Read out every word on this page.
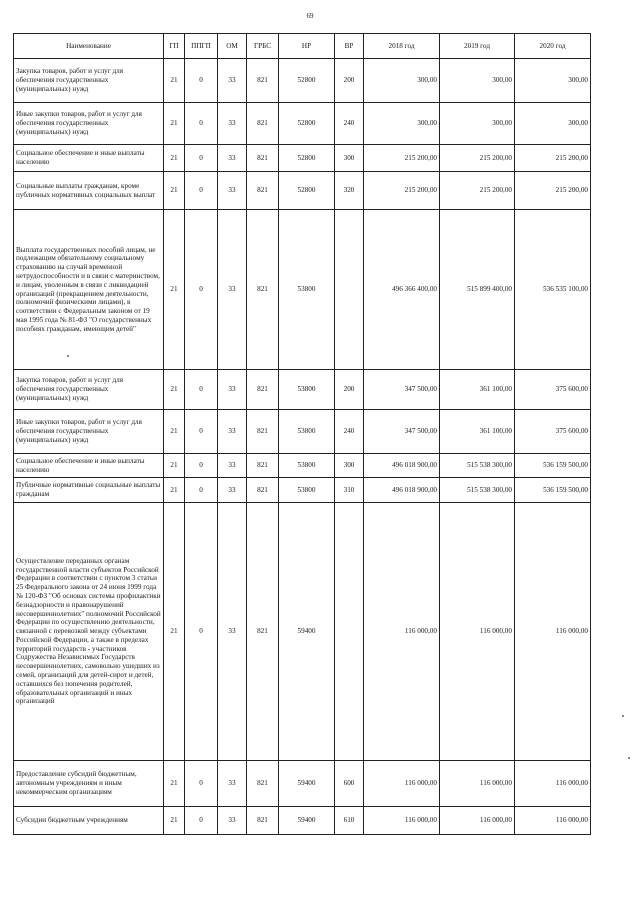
69
Наименование	ГП	ППГП	ОМ	ГРБС	НР	ВР	2018 год	2019 год	2020 год
Закупка товаров, работ и услуг для обеспечения государственных (муниципальных) нужд	21	0	33	821	52800	200	300,00	300,00	300,00
Иные закупки товаров, работ и услуг для обеспечения государственных (муниципальных) нужд	21	0	33	821	52800	240	300,00	300,00	300,00
Социальное обеспечение и иные выплаты населению	21	0	33	821	52800	300	215 200,00	215 200,00	215 200,00
Социальные выплаты гражданам, кроме публичных нормативных социальных выплат	21	0	33	821	52800	320	215 200,00	215 200,00	215 200,00
Выплата государственных пособий лицам, не подлежащим обязательному социальному страхованию на случай временной нетрудоспособности и в связи с материнством, и лицам, уволенным в связи с ликвидацией организаций (прекращением деятельности, полномочий физическими лицами), в соответствии с Федеральным законом от 19 мая 1995 года № 81-ФЗ "О государственных пособиях гражданам, имеющим детей"	21	0	33	821	53800		496 366 400,00	515 899 400,00	536 535 100,00
Закупка товаров, работ и услуг для обеспечения государственных (муниципальных) нужд	21	0	33	821	53800	200	347 500,00	361 100,00	375 600,00
Иные закупки товаров, работ и услуг для обеспечения государственных (муниципальных) нужд	21	0	33	821	53800	240	347 500,00	361 100,00	375 600,00
Социальное обеспечение и иные выплаты населению	21	0	33	821	53800	300	496 018 900,00	515 538 300,00	536 159 500,00
Публичные нормативные социальные выплаты гражданам	21	0	33	821	53800	310	496 018 900,00	515 538 300,00	536 159 500,00
Осуществление переданных органам государственной власти субъектов Российской Федерации в соответствии с пунктом 3 статьи 25 Федерального закона от 24 июня 1999 года № 120-ФЗ "Об основах системы профилактики безнадзорности и правонарушений несовершеннолетних" полномочий Российской Федерации по осуществлению деятельности, связанной с перевозкой между субъектами Российской Федерации, а также в пределах территорий государств - участников Содружества Независимых Государств несовершеннолетних, самовольно ушедших из семей, организаций для детей-сирот и детей, оставшихся без попечения родителей, образовательных организаций и иных организаций	21	0	33	821	59400		116 000,00	116 000,00	116 000,00
Предоставление субсидий бюджетным, автономным учреждениям и иным некоммерческим организациям	21	0	33	821	59400	600	116 000,00	116 000,00	116 000,00
Субсидии бюджетным учреждениям	21	0	33	821	59400	610	116 000,00	116 000,00	116 000,00
